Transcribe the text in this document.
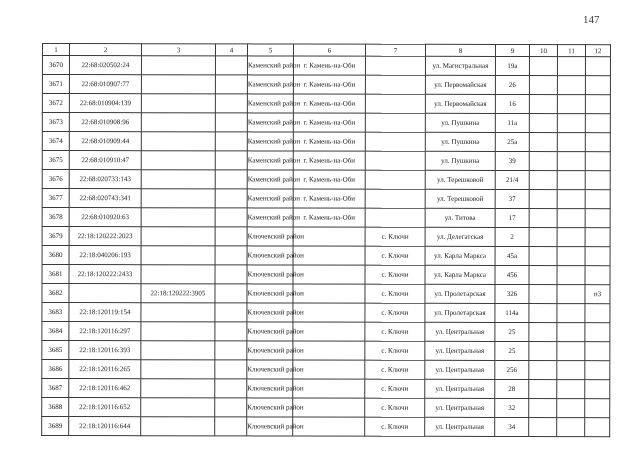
147
1	2	3	4	5	6	7	8	9	10	11	12
3670	22:68:020502:24			Каменский район	г. Камень-на-Оби		ул. Магистральная	19а			
3671	22:68:010907:77			Каменский район	г. Камень-на-Оби		ул. Первомайская	26			
3672	22:68:010904:139			Каменский район	г. Камень-на-Оби		ул. Первомайская	16			
3673	22:68:010908:96			Каменский район	г. Камень-на-Оби		ул. Пушкина	11а			
3674	22:68:010909:44			Каменский район	г. Камень-на-Оби		ул. Пушкина	25а			
3675	22:68:010910:47			Каменский район	г. Камень-на-Оби		ул. Пушкина	39			
3676	22:68:020733:143			Каменский район	г. Камень-на-Оби		ул. Терешковой	21/4			
3677	22:68:020743:341			Каменский район	г. Камень-на-Оби		ул. Терешковой	37			
3678	22:68:010920:63			Каменский район	г. Камень-на-Оби		ул. Титова	17			
3679	22:18:120222:2023			Ключевский район		с. Ключи	ул. Делегатская	2			
3680	22:18:040206:193			Ключевский район		с. Ключи	ул. Карла Маркса	45а			
3681	22:18:120222:2433			Ключевский район		с. Ключи	ул. Карла Маркса	456			
3682		22:18:120222:3905		Ключевский район		с. Ключи	ул. Пролетарская	326			п3
3683	22:18:120119:154			Ключевский район		с. Ключи	ул. Пролетарская	114а			
3684	22:18:120116:297			Ключевский район		с. Ключи	ул. Центральная	25			
3685	22:18:120116:393			Ключевский район		с. Ключи	ул. Центральная	25			
3686	22:18:120116:265			Ключевский район		с. Ключи	ул. Центральная	256			
3687	22:18:120116:462			Ключевский район		с. Ключи	ул. Центральная	28			
3688	22:18:120116:652			Ключевский район		с. Ключи	ул. Центральная	32			
3689	22:18:120116:644			Ключевский район		с. Ключи	ул. Центральная	34			
